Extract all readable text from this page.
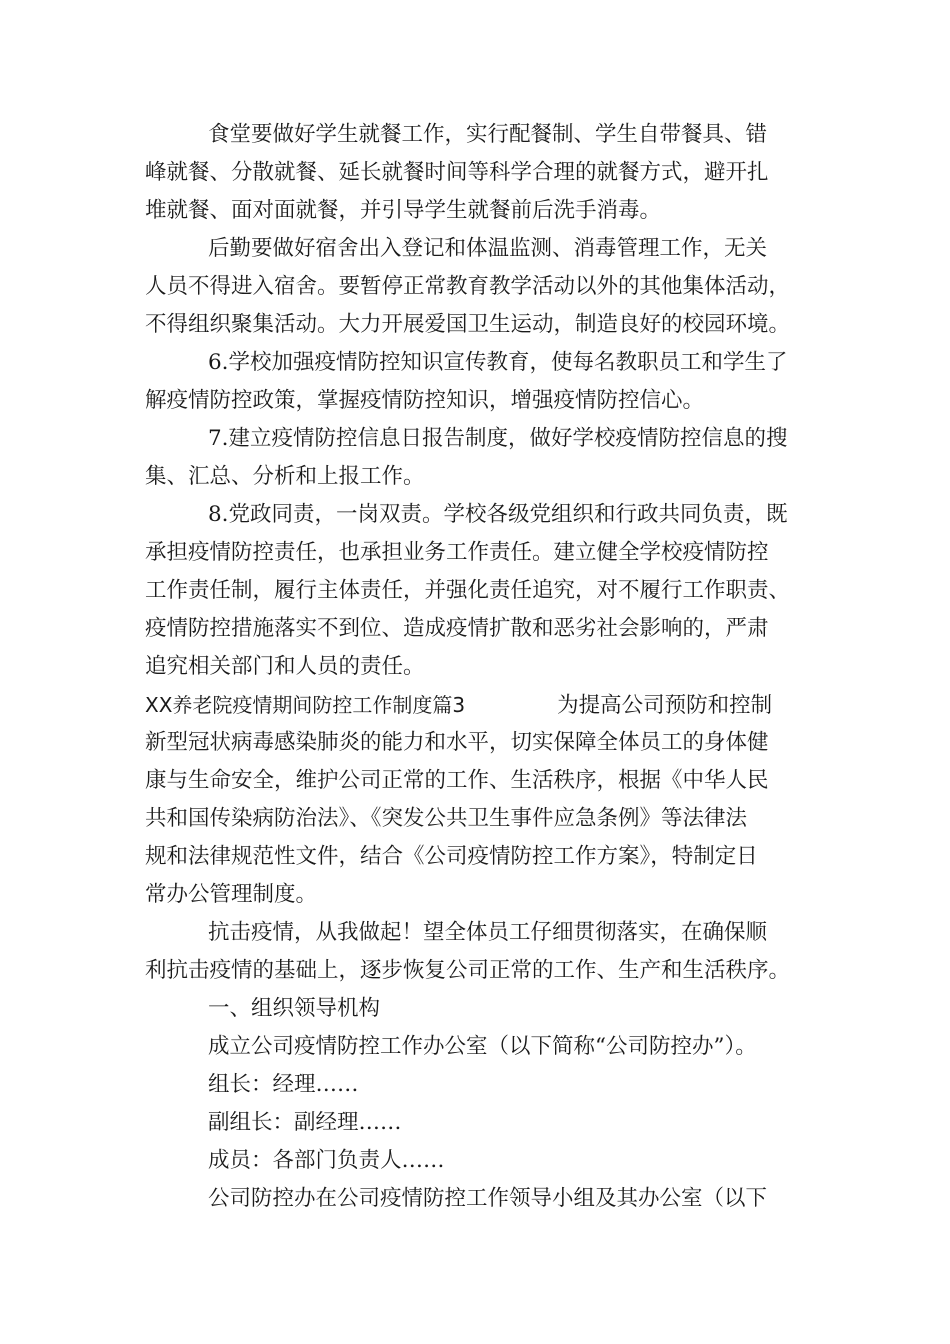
食堂要做好学生就餐工作，实行配餐制、学生自带餐具、错
峰就餐、分散就餐、延长就餐时间等科学合理的就餐方式，避开扎
堆就餐、面对面就餐，并引导学生就餐前后洗手消毒。
后勤要做好宿舍出入登记和体温监测、消毒管理工作，无关
人员不得进入宿舍。要暂停正常教育教学活动以外的其他集体活动，
不得组织聚集活动。大力开展爱国卫生运动，制造良好的校园环境。
6.学校加强疫情防控知识宣传教育，使每名教职员工和学生了
解疫情防控政策，掌握疫情防控知识，增强疫情防控信心。
7.建立疫情防控信息日报告制度，做好学校疫情防控信息的搜
集、汇总、分析和上报工作。
8.党政同责，一岗双责。学校各级党组织和行政共同负责，既
承担疫情防控责任，也承担业务工作责任。建立健全学校疫情防控
工作责任制，履行主体责任，并强化责任追究，对不履行工作职责、
疫情防控措施落实不到位、造成疫情扩散和恶劣社会影响的，严肃
追究相关部门和人员的责任。
XX养老院疫情期间防控工作制度篇3	为提高公司预防和控制
新型冠状病毒感染肺炎的能力和水平，切实保障全体员工的身体健
康与生命安全，维护公司正常的工作、生活秩序，根据《中华人民
共和国传染病防治法》、《突发公共卫生事件应急条例》等法律法
规和法律规范性文件，结合《公司疫情防控工作方案》，特制定日
常办公管理制度。
抗击疫情，从我做起！望全体员工仔细贯彻落实，在确保顺
利抗击疫情的基础上，逐步恢复公司正常的工作、生产和生活秩序。
一、组织领导机构
成立公司疫情防控工作办公室（以下简称“公司防控办”）。
组长：经理……
副组长：副经理……
成员：各部门负责人……
公司防控办在公司疫情防控工作领导小组及其办公室（以下
